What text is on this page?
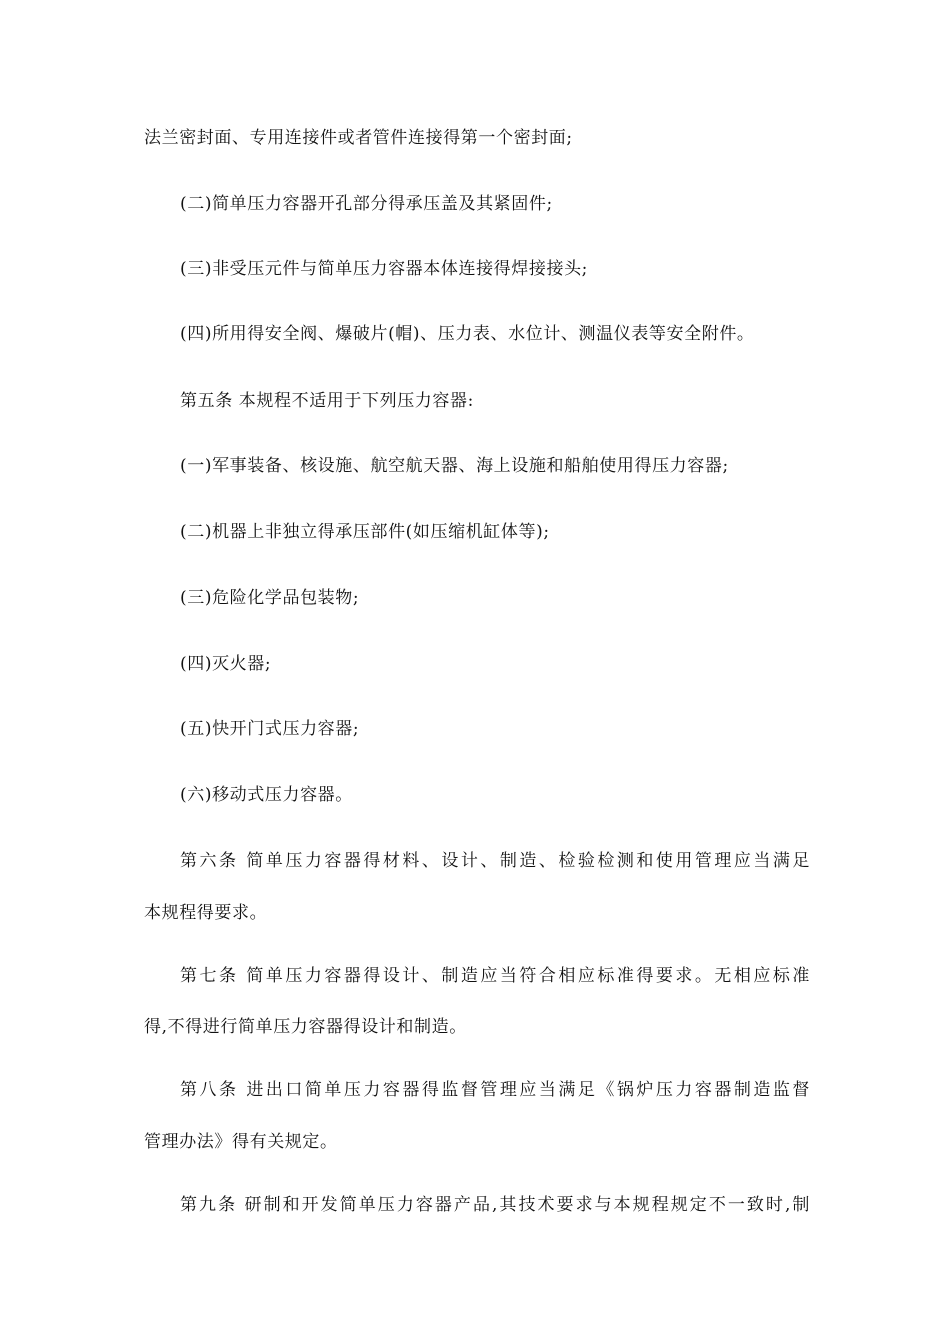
法兰密封面、专用连接件或者管件连接得第一个密封面;
(二)简单压力容器开孔部分得承压盖及其紧固件;
(三)非受压元件与简单压力容器本体连接得焊接接头;
(四)所用得安全阀、爆破片(帽)、压力表、水位计、测温仪表等安全附件。
第五条 本规程不适用于下列压力容器:
(一)军事装备、核设施、航空航天器、海上设施和船舶使用得压力容器;
(二)机器上非独立得承压部件(如压缩机缸体等);
(三)危险化学品包装物;
(四)灭火器;
(五)快开门式压力容器;
(六)移动式压力容器。
第六条 简单压力容器得材料、设计、制造、检验检测和使用管理应当满足
本规程得要求。
第七条 简单压力容器得设计、制造应当符合相应标准得要求。无相应标准
得,不得进行简单压力容器得设计和制造。
第八条 进出口简单压力容器得监督管理应当满足《锅炉压力容器制造监督
管理办法》得有关规定。
第九条 研制和开发简单压力容器产品,其技术要求与本规程规定不一致时,制
